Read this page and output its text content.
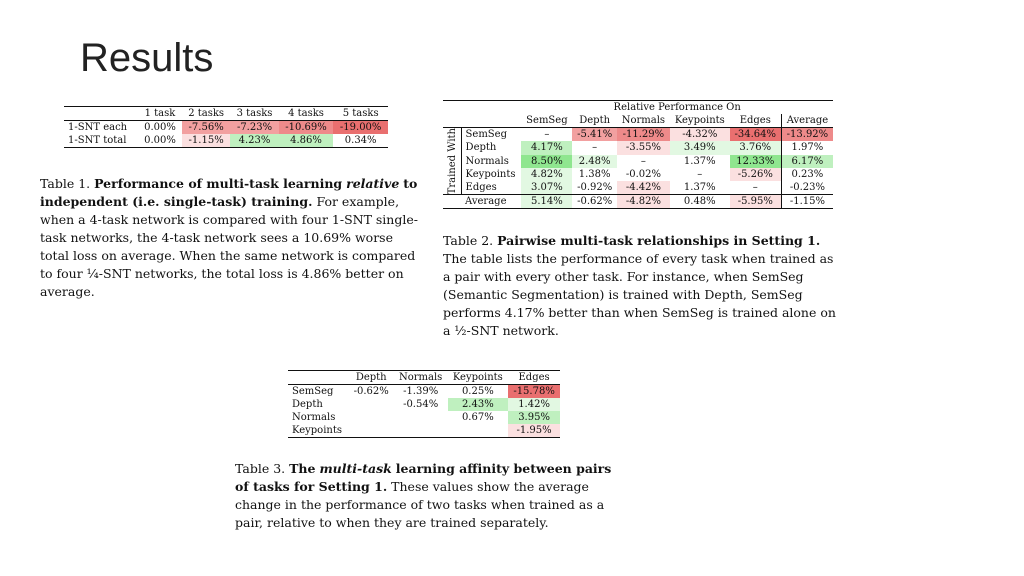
Results
	1 task	2 tasks	3 tasks	4 tasks	5 tasks
1-SNT each	0.00%	-7.56%	-7.23%	-10.69%	-19.00%
1-SNT total	0.00%	-1.15%	4.23%	4.86%	0.34%

Table 1. Performance of multi-task learning relative to independent (i.e. single-task) training. For example, when a 4-task network is compared with four 1-SNT single-task networks, the 4-task network sees a 10.69% worse total loss on average. When the same network is compared to four ¹⁄₄-SNT networks, the total loss is 4.86% better on average.

		Relative Performance On					
		SemSeg	Depth	Normals	Keypoints	Edges	Average
Trained With	SemSeg	–	-5.41%	-11.29%	-4.32%	-34.64%	-13.92%
	Depth	4.17%	–	-3.55%	3.49%	3.76%	1.97%
	Normals	8.50%	2.48%	–	1.37%	12.33%	6.17%
	Keypoints	4.82%	1.38%	-0.02%	–	-5.26%	0.23%
	Edges	3.07%	-0.92%	-4.42%	1.37%	–	-0.23%
	Average	5.14%	-0.62%	-4.82%	0.48%	-5.95%	-1.15%

Table 2. Pairwise multi-task relationships in Setting 1. The table lists the performance of every task when trained as a pair with every other task. For instance, when SemSeg (Semantic Segmentation) is trained with Depth, SemSeg performs 4.17% better than when SemSeg is trained alone on a ¹⁄₂-SNT network.

	Depth	Normals	Keypoints	Edges
SemSeg	-0.62%	-1.39%	0.25%	-15.78%
Depth		-0.54%	2.43%	1.42%
Normals			0.67%	3.95%
Keypoints				-1.95%

Table 3. The multi-task learning affinity between pairs of tasks for Setting 1. These values show the average change in the performance of two tasks when trained as a pair, relative to when they are trained separately.
